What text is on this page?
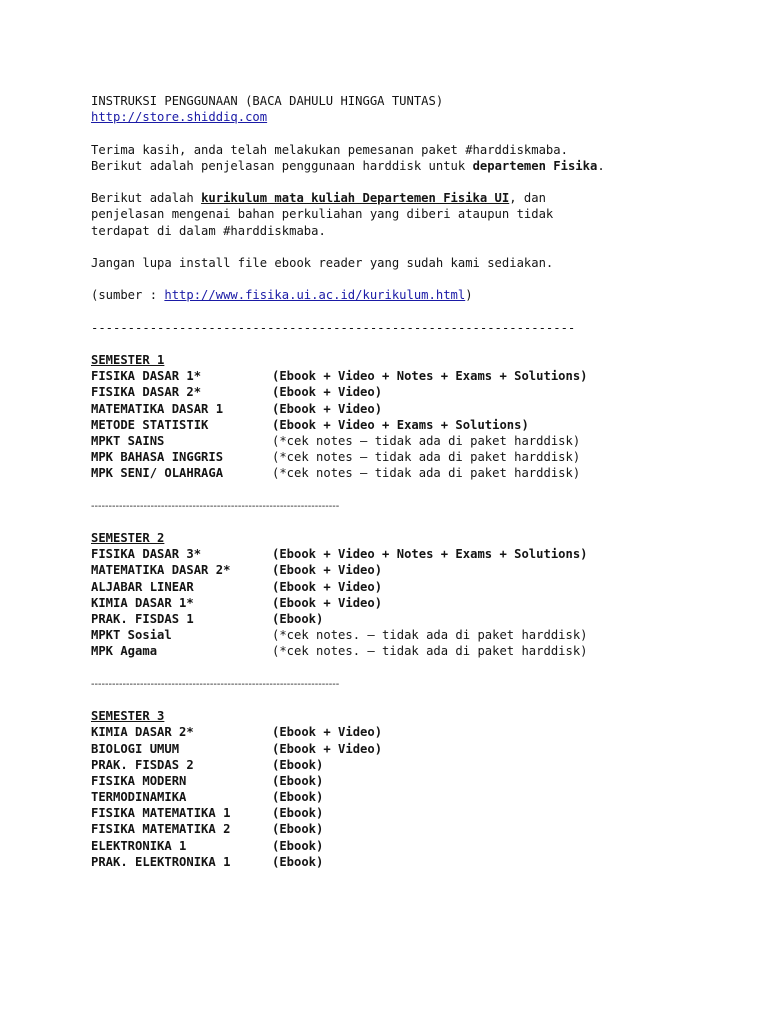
INSTRUKSI PENGGUNAAN (BACA DAHULU HINGGA TUNTAS)
http://store.shiddiq.com
Terima kasih, anda telah melakukan pemesanan paket #harddiskmaba.
Berikut adalah penjelasan penggunaan harddisk untuk departemen Fisika.
Berikut adalah kurikulum mata kuliah Departemen Fisika UI, dan
penjelasan mengenai bahan perkuliahan yang diberi ataupun tidak
terdapat di dalam #harddiskmaba.
Jangan lupa install file ebook reader yang sudah kami sediakan.
(sumber : http://www.fisika.ui.ac.id/kurikulum.html)
------------------------------------------------------------------
SEMESTER 1
FISIKA DASAR 1*	(Ebook + Video + Notes + Exams + Solutions)
FISIKA DASAR 2*	(Ebook + Video)
MATEMATIKA DASAR 1	(Ebook + Video)
METODE STATISTIK	(Ebook + Video + Exams + Solutions)
MPKT SAINS	(*cek notes – tidak ada di paket harddisk)
MPK BAHASA INGGRIS	(*cek notes – tidak ada di paket harddisk)
MPK SENI/ OLAHRAGA	(*cek notes – tidak ada di paket harddisk)
-----------------------------------------------------------------------
SEMESTER 2
FISIKA DASAR 3*	(Ebook + Video + Notes + Exams + Solutions)
MATEMATIKA DASAR 2*	(Ebook + Video)
ALJABAR LINEAR	(Ebook + Video)
KIMIA DASAR 1*	(Ebook + Video)
PRAK. FISDAS 1	(Ebook)
MPKT Sosial	(*cek notes. – tidak ada di paket harddisk)
MPK Agama	(*cek notes. – tidak ada di paket harddisk)
-----------------------------------------------------------------------
SEMESTER 3
KIMIA DASAR 2*	(Ebook + Video)
BIOLOGI UMUM	(Ebook + Video)
PRAK. FISDAS 2	(Ebook)
FISIKA MODERN	(Ebook)
TERMODINAMIKA	(Ebook)
FISIKA MATEMATIKA 1	(Ebook)
FISIKA MATEMATIKA 2	(Ebook)
ELEKTRONIKA 1	(Ebook)
PRAK. ELEKTRONIKA 1	(Ebook)
